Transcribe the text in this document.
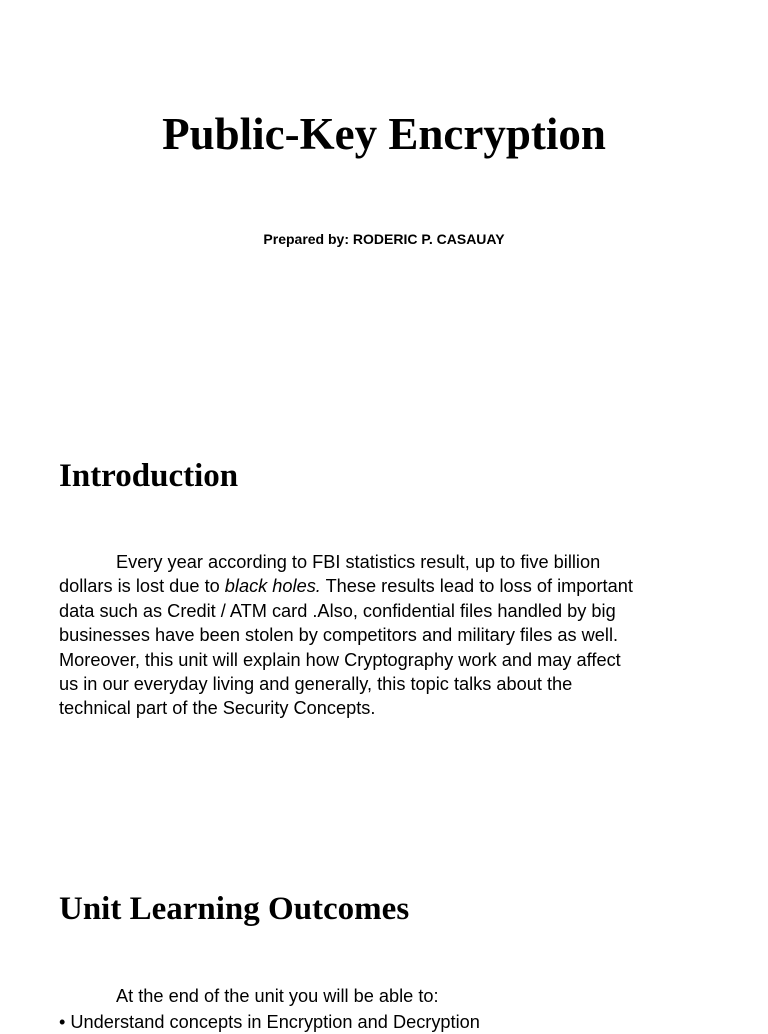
Public-Key Encryption

Prepared by: RODERIC P. CASAUAY

Introduction
Every year according to FBI statistics result, up to five billion
dollars is lost due to black holes. These results lead to loss of important
data such as Credit / ATM card .Also, confidential files handled by big
businesses have been stolen by competitors and military files as well.
Moreover, this unit will explain how Cryptography work and may affect
us in our everyday living and generally, this topic talks about the
technical part of the Security Concepts.
Unit Learning Outcomes

At the end of the unit you will be able to:

• Understand concepts in Encryption and Decryption
